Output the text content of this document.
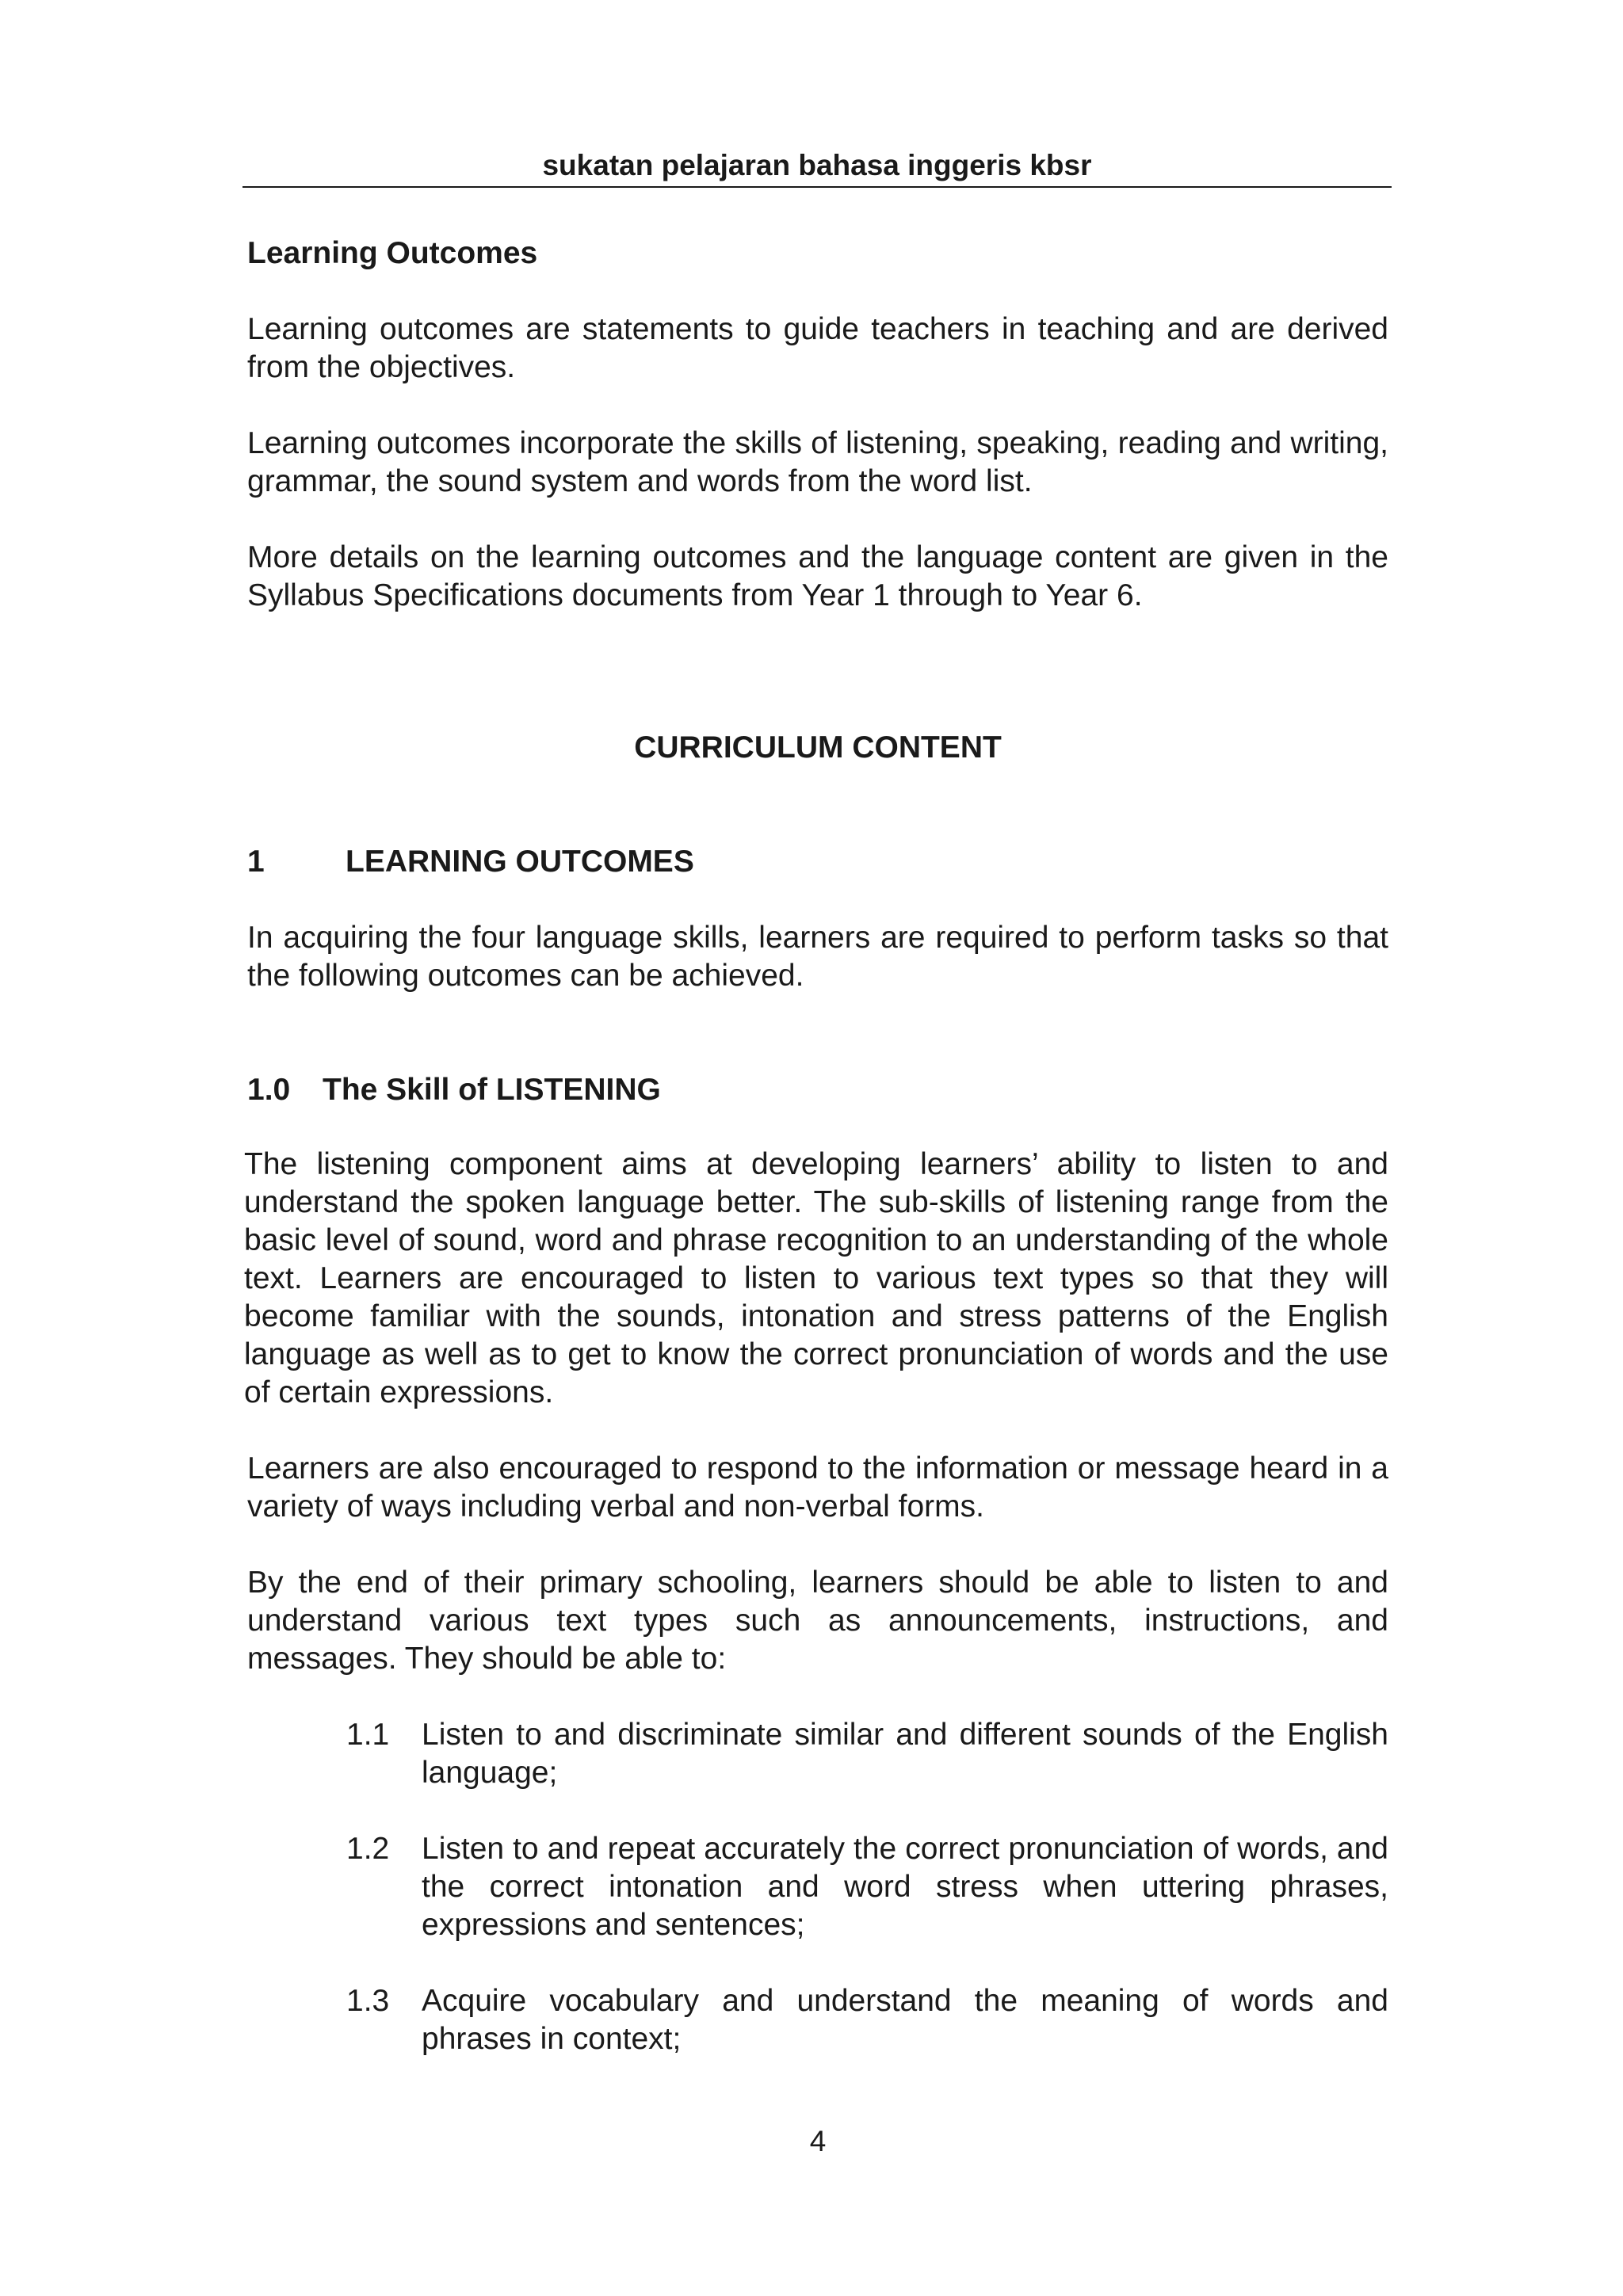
sukatan pelajaran bahasa inggeris kbsr
Learning Outcomes
Learning outcomes are statements to guide teachers in teaching and are derived from the objectives.
Learning outcomes incorporate the skills of listening, speaking, reading and writing, grammar, the sound system and words from the word list.
More details on the learning outcomes and the language content are given in the Syllabus Specifications documents from Year 1 through to Year 6.
CURRICULUM CONTENT
1	LEARNING OUTCOMES
In acquiring the four language skills, learners are required to perform tasks so that the following outcomes can be achieved.
1.0 The Skill of LISTENING
The listening component aims at developing learners’ ability to listen to and understand the spoken language better. The sub-skills of listening range from the basic level of sound, word and phrase recognition to an understanding of the whole text. Learners are encouraged to listen to various text types so that they will become familiar with the sounds, intonation and stress patterns of the English language as well as to get to know the correct pronunciation of words and the use of certain expressions.
Learners are also encouraged to respond to the information or message heard in a variety of ways including verbal and non-verbal forms.
By the end of their primary schooling, learners should be able to listen to and understand various text types such as announcements, instructions, and messages. They should be able to:
1.1 Listen to and discriminate similar and different sounds of the English language;
1.2 Listen to and repeat accurately the correct pronunciation of words, and the correct intonation and word stress when uttering phrases, expressions and sentences;
1.3 Acquire vocabulary and understand the meaning of words and phrases in context;
4
